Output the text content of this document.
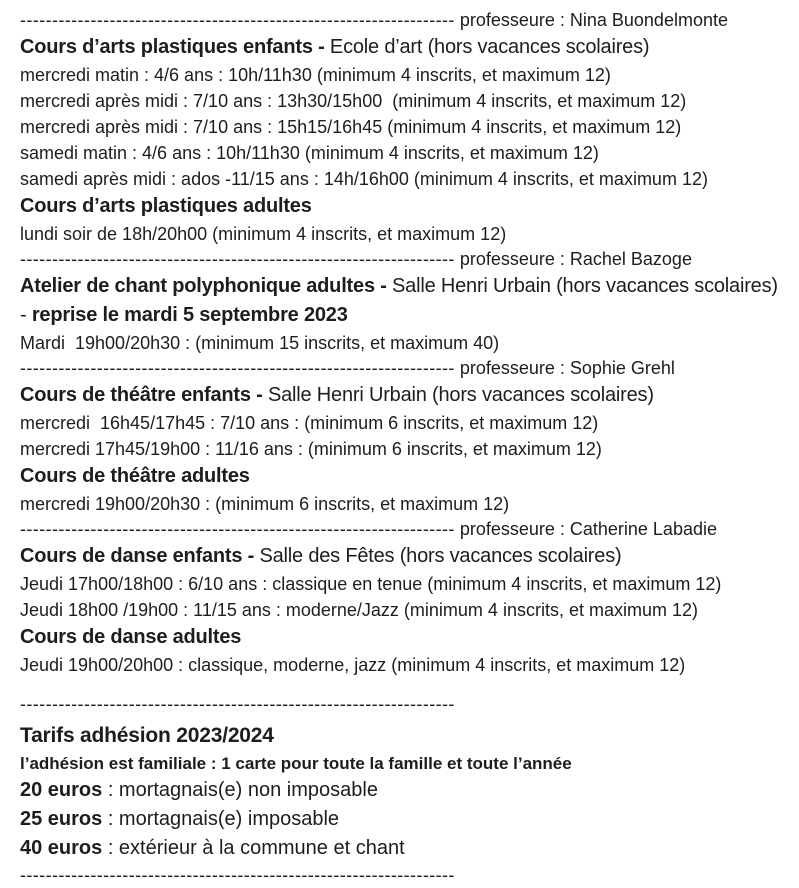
-------------------------------------------------------------------- professeure : Nina Buondelmonte
Cours d’arts plastiques enfants - Ecole d’art (hors vacances scolaires)
mercredi matin : 4/6 ans : 10h/11h30 (minimum 4 inscrits, et maximum 12)
mercredi après midi : 7/10 ans : 13h30/15h00  (minimum 4 inscrits, et maximum 12)
mercredi après midi : 7/10 ans : 15h15/16h45 (minimum 4 inscrits, et maximum 12)
samedi matin : 4/6 ans : 10h/11h30 (minimum 4 inscrits, et maximum 12)
samedi après midi : ados -11/15 ans : 14h/16h00 (minimum 4 inscrits, et maximum 12)
Cours d’arts plastiques adultes
lundi soir de 18h/20h00 (minimum 4 inscrits, et maximum 12)
-------------------------------------------------------------------- professeure : Rachel Bazoge
Atelier de chant polyphonique adultes - Salle Henri Urbain (hors vacances scolaires) - reprise le mardi 5 septembre 2023
Mardi  19h00/20h30 : (minimum 15 inscrits, et maximum 40)
-------------------------------------------------------------------- professeure : Sophie Grehl
Cours de théâtre enfants - Salle Henri Urbain (hors vacances scolaires)
mercredi  16h45/17h45 : 7/10 ans : (minimum 6 inscrits, et maximum 12)
mercredi 17h45/19h00 : 11/16 ans : (minimum 6 inscrits, et maximum 12)
Cours de théâtre adultes
mercredi 19h00/20h30 : (minimum 6 inscrits, et maximum 12)
-------------------------------------------------------------------- professeure : Catherine Labadie
Cours de danse enfants - Salle des Fêtes (hors vacances scolaires)
Jeudi 17h00/18h00 : 6/10 ans : classique en tenue (minimum 4 inscrits, et maximum 12)
Jeudi 18h00 /19h00 : 11/15 ans : moderne/Jazz (minimum 4 inscrits, et maximum 12)
Cours de danse adultes
Jeudi 19h00/20h00 : classique, moderne, jazz (minimum 4 inscrits, et maximum 12)
--------------------------------------------------------------------
Tarifs adhésion 2023/2024
l’adhésion est familiale : 1 carte pour toute la famille et toute l’année
20 euros : mortagnais(e) non imposable
25 euros : mortagnais(e) imposable
40 euros : extérieur à la commune et chant
--------------------------------------------------------------------
